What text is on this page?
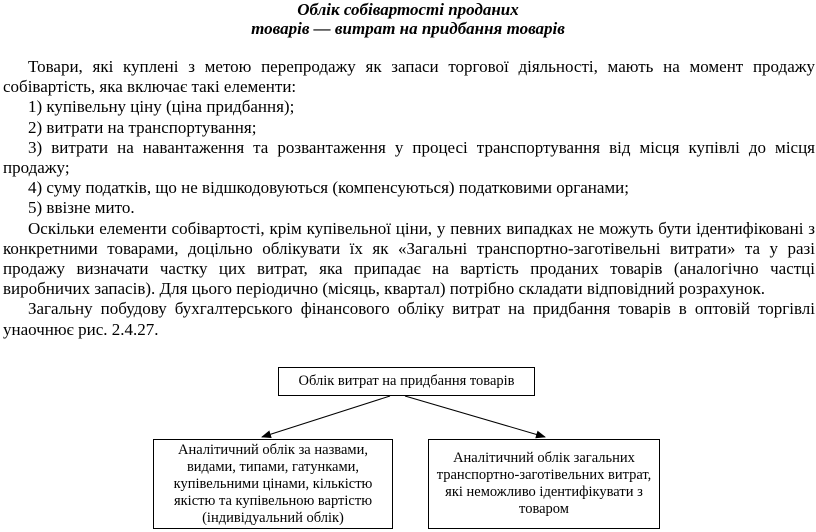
Облік собівартості проданих
товарів — витрат на придбання товарів

Товари, які куплені з метою перепродажу як запаси торгової діяльності, мають на момент продажу собівартість, яка включає такі елементи:

1) купівельну ціну (ціна придбання);

2) витрати на транспортування;

3) витрати на навантаження та розвантаження у процесі транспортування від місця купівлі до місця продажу;

4) суму податків, що не відшкодовуються (компенсуються) податковими органами;

5) ввізне мито.

Оскільки елементи собівартості, крім купівельної ціни, у певних випадках не можуть бути ідентифіковані з конкретними товарами, доцільно облікувати їх як «Загальні транспортно-заготівельні витрати» та у разі продажу визначати частку цих витрат, яка припадає на вартість проданих товарів (аналогічно частці виробничих запасів). Для цього періодично (місяць, квартал) потрібно складати відповідний розрахунок.

Загальну побудову бухгалтерського фінансового обліку витрат на придбання товарів в оптовій торгівлі унаочнює рис. 2.4.27.

Облік витрат на придбання товарів
Аналітичний облік за назвами, видами, типами, гатунками, купівельними цінами, кількістю якістю та купівельною вартістю (індивідуальний облік)
Аналітичний облік загальних транспортно-заготівельних витрат, які неможливо ідентифікувати з товаром
